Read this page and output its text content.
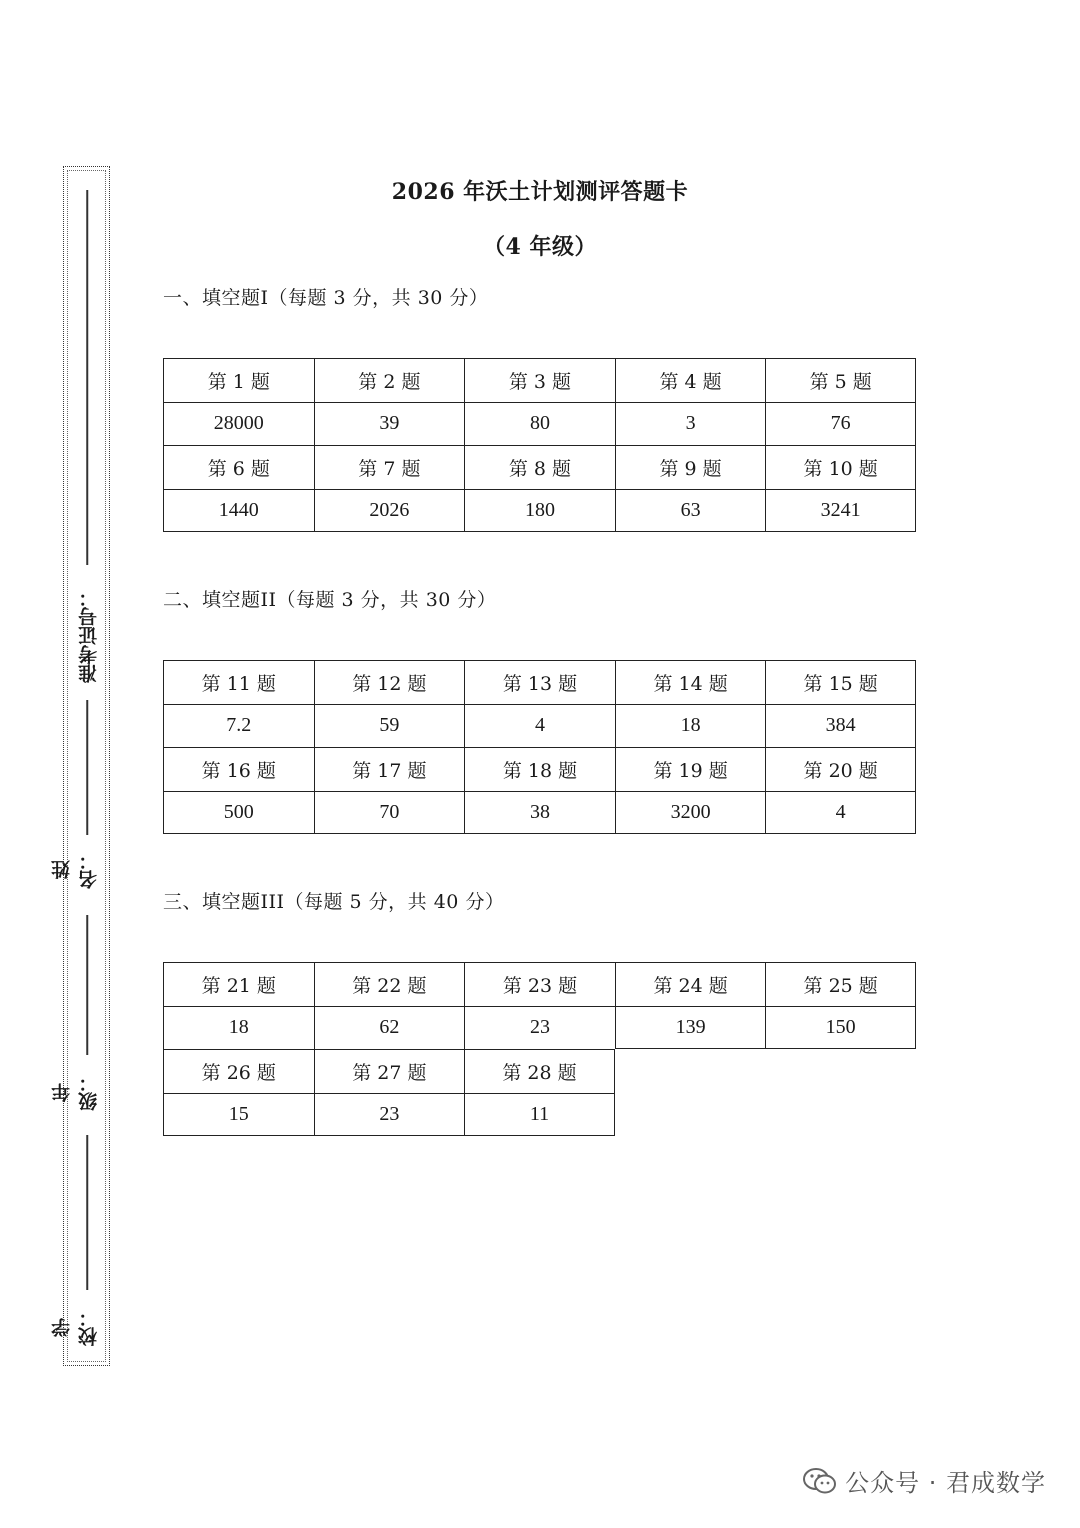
准考证号：
姓名：
年级：
学校：
2026 年沃土计划测评答题卡
（4 年级）
一、填空题I（每题 3 分，共 30 分）
第 1 题	第 2 题	第 3 题	第 4 题	第 5 题
28000	39	80	3	76
第 6 题	第 7 题	第 8 题	第 9 题	第 10 题
1440	2026	180	63	3241
二、填空题II（每题 3 分，共 30 分）
第 11 题	第 12 题	第 13 题	第 14 题	第 15 题
7.2	59	4	18	384
第 16 题	第 17 题	第 18 题	第 19 题	第 20 题
500	70	38	3200	4
三、填空题III（每题 5 分，共 40 分）
第 21 题	第 22 题	第 23 题	第 24 题	第 25 题
18	62	23	139	150
第 26 题	第 27 题	第 28 题
15	23	11
公众号 · 君成数学
